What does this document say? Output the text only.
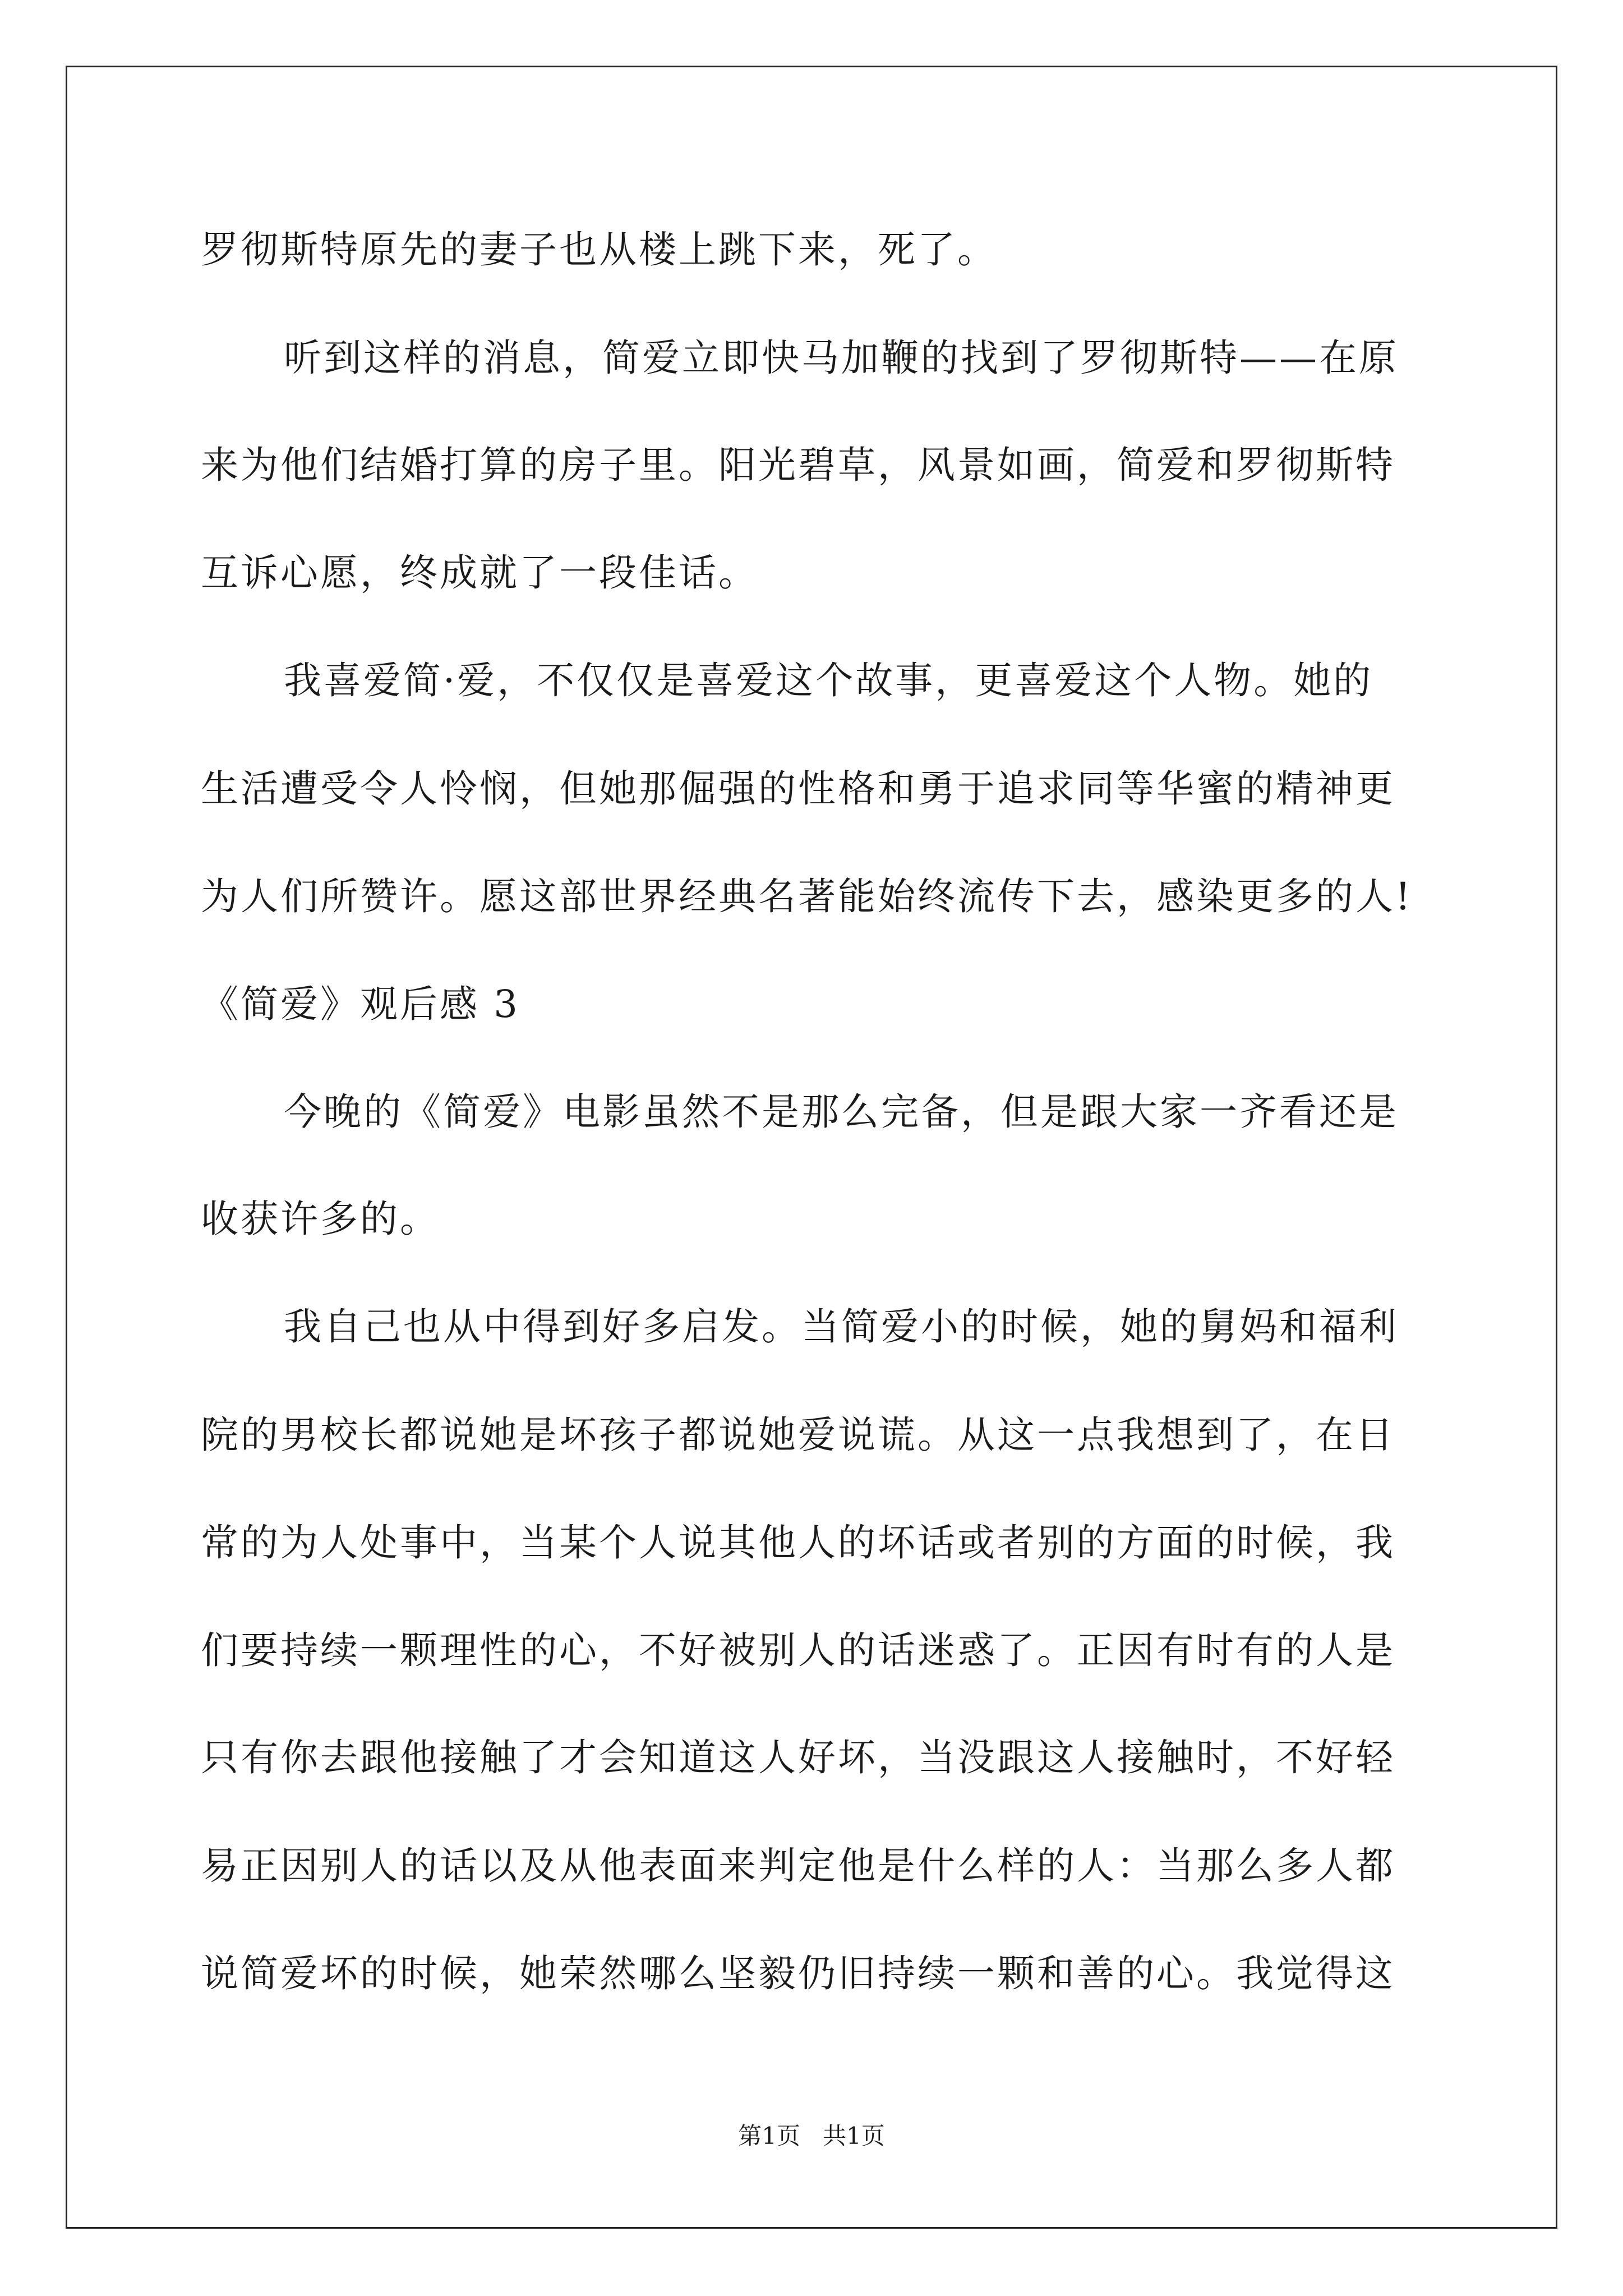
罗彻斯特原先的妻子也从楼上跳下来，死了。

听到这样的消息，简爱立即快马加鞭的找到了罗彻斯特——在原

来为他们结婚打算的房子里。阳光碧草，风景如画，简爱和罗彻斯特

互诉心愿，终成就了一段佳话。

我喜爱简·爱，不仅仅是喜爱这个故事，更喜爱这个人物。她的

生活遭受令人怜悯，但她那倔强的性格和勇于追求同等华蜜的精神更

为人们所赞许。愿这部世界经典名著能始终流传下去，感染更多的人!

《简爱》观后感 3

今晚的《简爱》电影虽然不是那么完备，但是跟大家一齐看还是

收获许多的。

我自己也从中得到好多启发。当简爱小的时候，她的舅妈和福利

院的男校长都说她是坏孩子都说她爱说谎。从这一点我想到了，在日

常的为人处事中，当某个人说其他人的坏话或者别的方面的时候，我

们要持续一颗理性的心，不好被别人的话迷惑了。正因有时有的人是

只有你去跟他接触了才会知道这人好坏，当没跟这人接触时，不好轻

易正因别人的话以及从他表面来判定他是什么样的人：当那么多人都

说简爱坏的时候，她荣然哪么坚毅仍旧持续一颗和善的心。我觉得这

第1页   共1页
